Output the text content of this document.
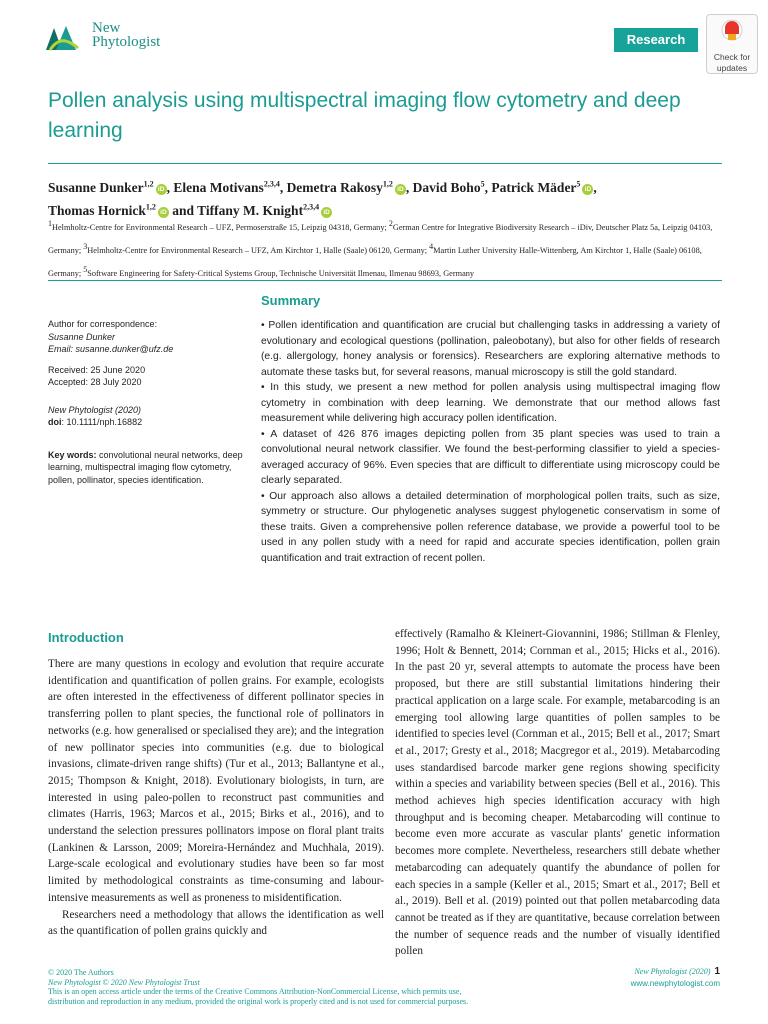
New
Phytologist	Research
Check for
updates
Pollen analysis using multispectral imaging flow cytometry and deep learning
Susanne Dunker$^{1,2}$iD , Elena Motivans$^{2,3,4}$, Demetra Rakosy$^{1,2}$iD , David Boho$^5$, Patrick Mäder$^5$iD ,
Thomas Hornick$^{1,2}$iD and Tiffany M. Knight$^{2,3,4}$iD
$^1$Helmholtz-Centre for Environmental Research – UFZ, Permoserstraße 15, Leipzig 04318, Germany; $^2$German Centre for Integrative Biodiversity Research – iDiv, Deutscher Platz 5a, Leipzig 04103, Germany; $^3$Helmholtz-Centre for Environmental Research – UFZ, Am Kirchtor 1, Halle (Saale) 06120, Germany; $^4$Martin Luther University Halle-Wittenberg, Am Kirchtor 1, Halle (Saale) 06108, Germany; $^5$Software Engineering for Safety-Critical Systems Group, Technische Universität Ilmenau, Ilmenau 98693, Germany
Summary

Author for correspondence:

Susanne Dunker

Email: susanne.dunker@ufz.de

Received: 25 June 2020

Accepted: 28 July 2020

New Phytologist (2020)

doi: 10.1111/nph.16882

Key words: convolutional neural networks, deep learning, multispectral imaging flow cytometry, pollen, pollinator, species identification.

• Pollen identification and quantification are crucial but challenging tasks in addressing a variety of evolutionary and ecological questions (pollination, paleobotany), but also for other fields of research (e.g. allergology, honey analysis or forensics). Researchers are exploring alternative methods to automate these tasks but, for several reasons, manual microscopy is still the gold standard.

• In this study, we present a new method for pollen analysis using multispectral imaging flow cytometry in combination with deep learning. We demonstrate that our method allows fast measurement while delivering high accuracy pollen identification.

• A dataset of 426 876 images depicting pollen from 35 plant species was used to train a convolutional neural network classifier. We found the best-performing classifier to yield a species-averaged accuracy of 96%. Even species that are difficult to differentiate using microscopy could be clearly separated.

• Our approach also allows a detailed determination of morphological pollen traits, such as size, symmetry or structure. Our phylogenetic analyses suggest phylogenetic conservatism in some of these traits. Given a comprehensive pollen reference database, we provide a powerful tool to be used in any pollen study with a need for rapid and accurate species identification, pollen grain quantification and trait extraction of recent pollen.

Introduction

There are many questions in ecology and evolution that require accurate identification and quantification of pollen grains. For example, ecologists are often interested in the effectiveness of different pollinator species in transferring pollen to plant species, the functional role of pollinators in networks (e.g. how generalised or specialised they are); and the integration of new pollinator species into communities (e.g. due to biological invasions, climate-driven range shifts) (Tur et al., 2013; Ballantyne et al., 2015; Thompson & Knight, 2018). Evolutionary biologists, in turn, are interested in using paleo-pollen to reconstruct past communities and climates (Harris, 1963; Marcos et al., 2015; Birks et al., 2016), and to understand the selection pressures pollinators impose on floral plant traits (Lankinen & Larsson, 2009; Moreira-Hernández and Muchhala, 2019). Large-scale ecological and evolutionary studies have been so far most limited by methodological constraints as time-consuming and labour-intensive measurements as well as proneness to misidentification.

Researchers need a methodology that allows the identification as well as the quantification of pollen grains quickly and

effectively (Ramalho & Kleinert-Giovannini, 1986; Stillman & Flenley, 1996; Holt & Bennett, 2014; Cornman et al., 2015; Hicks et al., 2016). In the past 20 yr, several attempts to automate the process have been proposed, but there are still substantial limitations hindering their practical application on a large scale. For example, metabarcoding is an emerging tool allowing large quantities of pollen samples to be identified to species level (Cornman et al., 2015; Bell et al., 2017; Smart et al., 2017; Gresty et al., 2018; Macgregor et al., 2019). Metabarcoding uses standardised barcode marker gene regions showing specificity within a species and variability between species (Bell et al., 2016). This method achieves high species identification accuracy with high throughput and is becoming cheaper. Metabarcoding will continue to become even more accurate as vascular plants' genetic information becomes more complete. Nevertheless, researchers still debate whether metabarcoding can adequately quantify the abundance of pollen for each species in a sample (Keller et al., 2015; Smart et al., 2017; Bell et al., 2019). Bell et al. (2019) pointed out that pollen metabarcoding data cannot be treated as if they are quantitative, because correlation between the number of sequence reads and the number of visually identified pollen

© 2020 The Authors
New Phytologist © 2020 New Phytologist Trust
This is an open access article under the terms of the Creative Commons Attribution-NonCommercial License, which permits use,
distribution and reproduction in any medium, provided the original work is properly cited and is not used for commercial purposes.
New Phytologist (2020) 1
www.newphytologist.com
